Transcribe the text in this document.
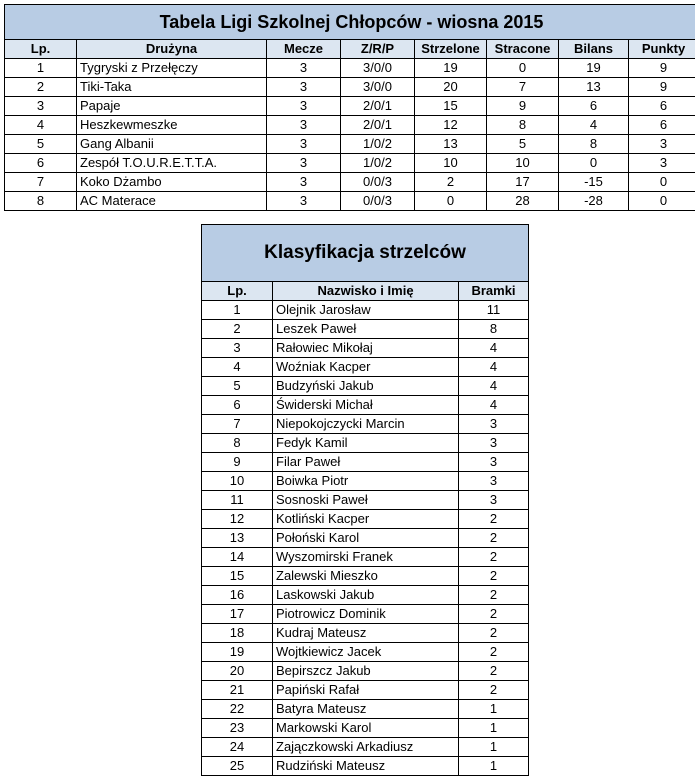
Tabela Ligi Szkolnej Chłopców - wiosna 2015							
Lp.	Drużyna	Mecze	Z/R/P	Strzelone	Stracone	Bilans	Punkty
1	Tygryski z Przełęczy	3	3/0/0	19	0	19	9
2	Tiki-Taka	3	3/0/0	20	7	13	9
3	Papaje	3	2/0/1	15	9	6	6
4	Heszkewmeszke	3	2/0/1	12	8	4	6
5	Gang Albanii	3	1/0/2	13	5	8	3
6	Zespół T.O.U.R.E.T.T.A.	3	1/0/2	10	10	0	3
7	Koko Dżambo	3	0/0/3	2	17	-15	0
8	AC Materace	3	0/0/3	0	28	-28	0
Klasyfikacja strzelców		
Lp.	Nazwisko i Imię	Bramki
1	Olejnik Jarosław	11
2	Leszek Paweł	8
3	Rałowiec Mikołaj	4
4	Woźniak Kacper	4
5	Budzyński Jakub	4
6	Świderski Michał	4
7	Niepokojczycki Marcin	3
8	Fedyk Kamil	3
9	Filar Paweł	3
10	Boiwka Piotr	3
11	Sosnoski Paweł	3
12	Kotliński Kacper	2
13	Połoński Karol	2
14	Wyszomirski Franek	2
15	Zalewski Mieszko	2
16	Laskowski Jakub	2
17	Piotrowicz Dominik	2
18	Kudraj Mateusz	2
19	Wojtkiewicz Jacek	2
20	Bepirszcz Jakub	2
21	Papiński Rafał	2
22	Batyra Mateusz	1
23	Markowski Karol	1
24	Zajączkowski Arkadiusz	1
25	Rudziński Mateusz	1
